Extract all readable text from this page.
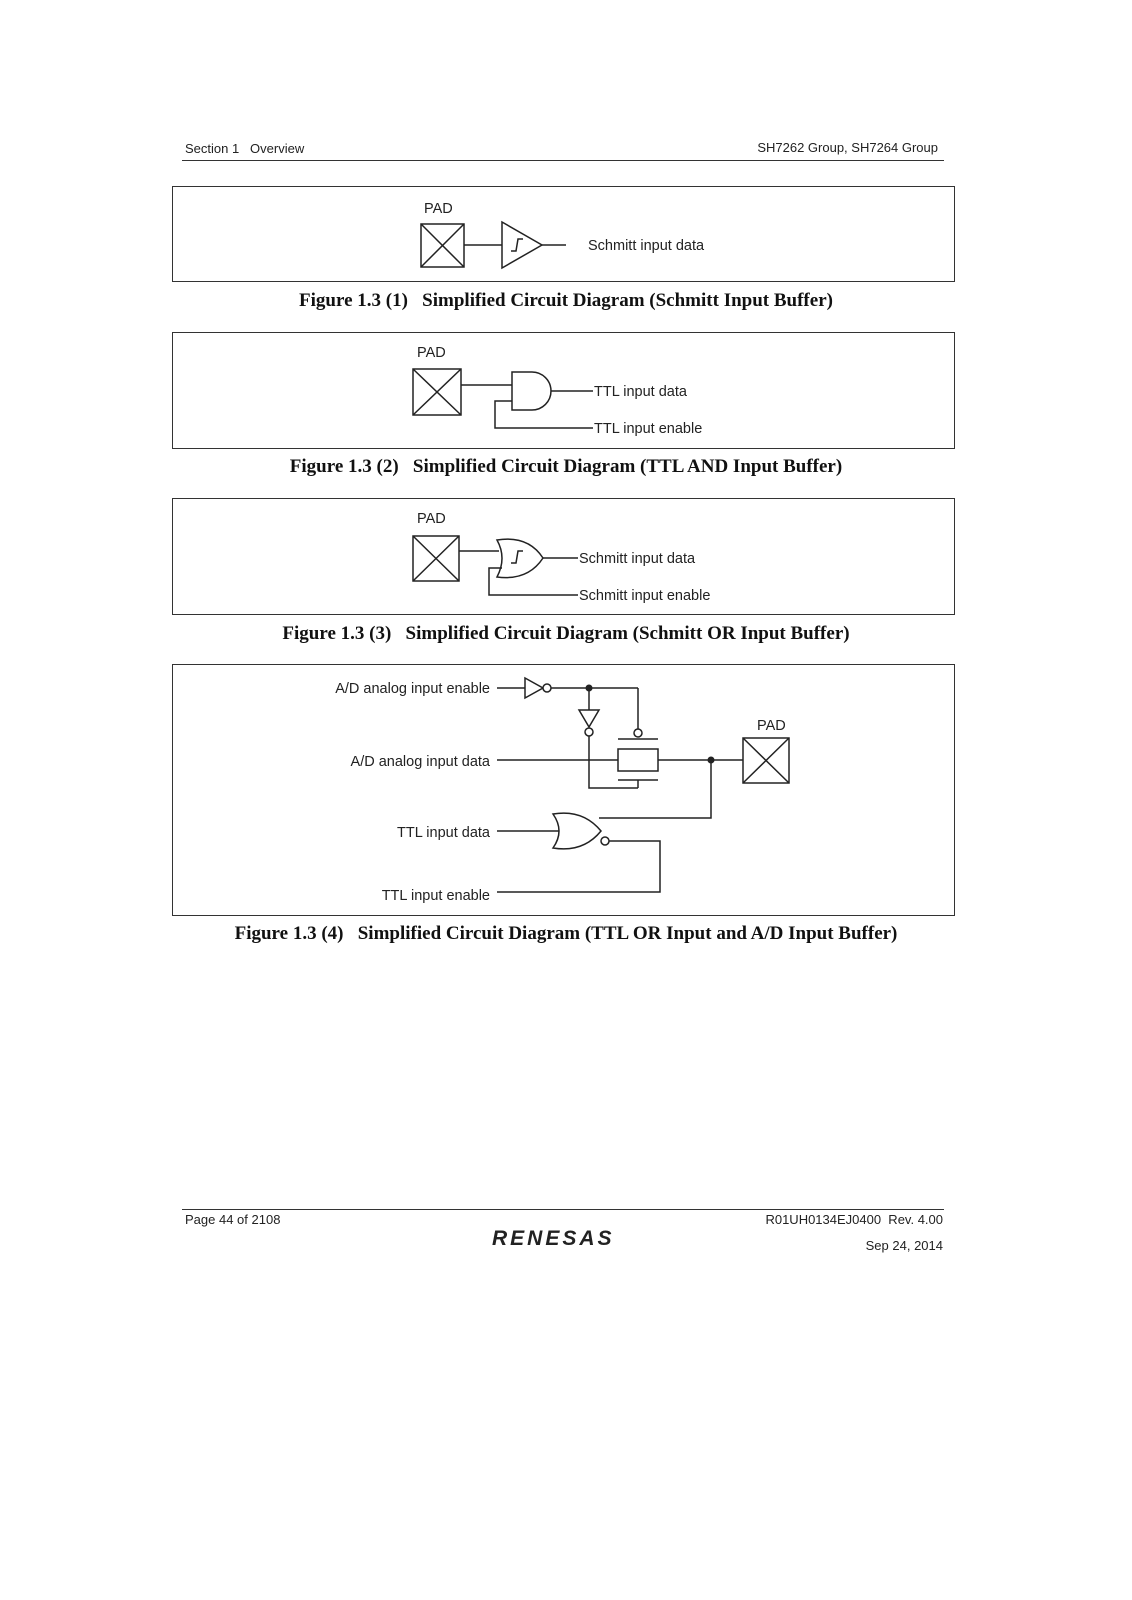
Section 1   Overview	SH7262 Group, SH7264 Group
PAD
Schmitt input data
Figure 1.3 (1)   Simplified Circuit Diagram (Schmitt Input Buffer)
PAD
TTL input data
TTL input enable
Figure 1.3 (2)   Simplified Circuit Diagram (TTL AND Input Buffer)
PAD
Schmitt input data
Schmitt input enable
Figure 1.3 (3)   Simplified Circuit Diagram (Schmitt OR Input Buffer)
A/D analog input enable
A/D analog input data
TTL input data
TTL input enable
PAD
Figure 1.3 (4)   Simplified Circuit Diagram (TTL OR Input and A/D Input Buffer)
Page 44 of 2108
RENESAS
R01UH0134EJ0400  Rev. 4.00
Sep 24, 2014
